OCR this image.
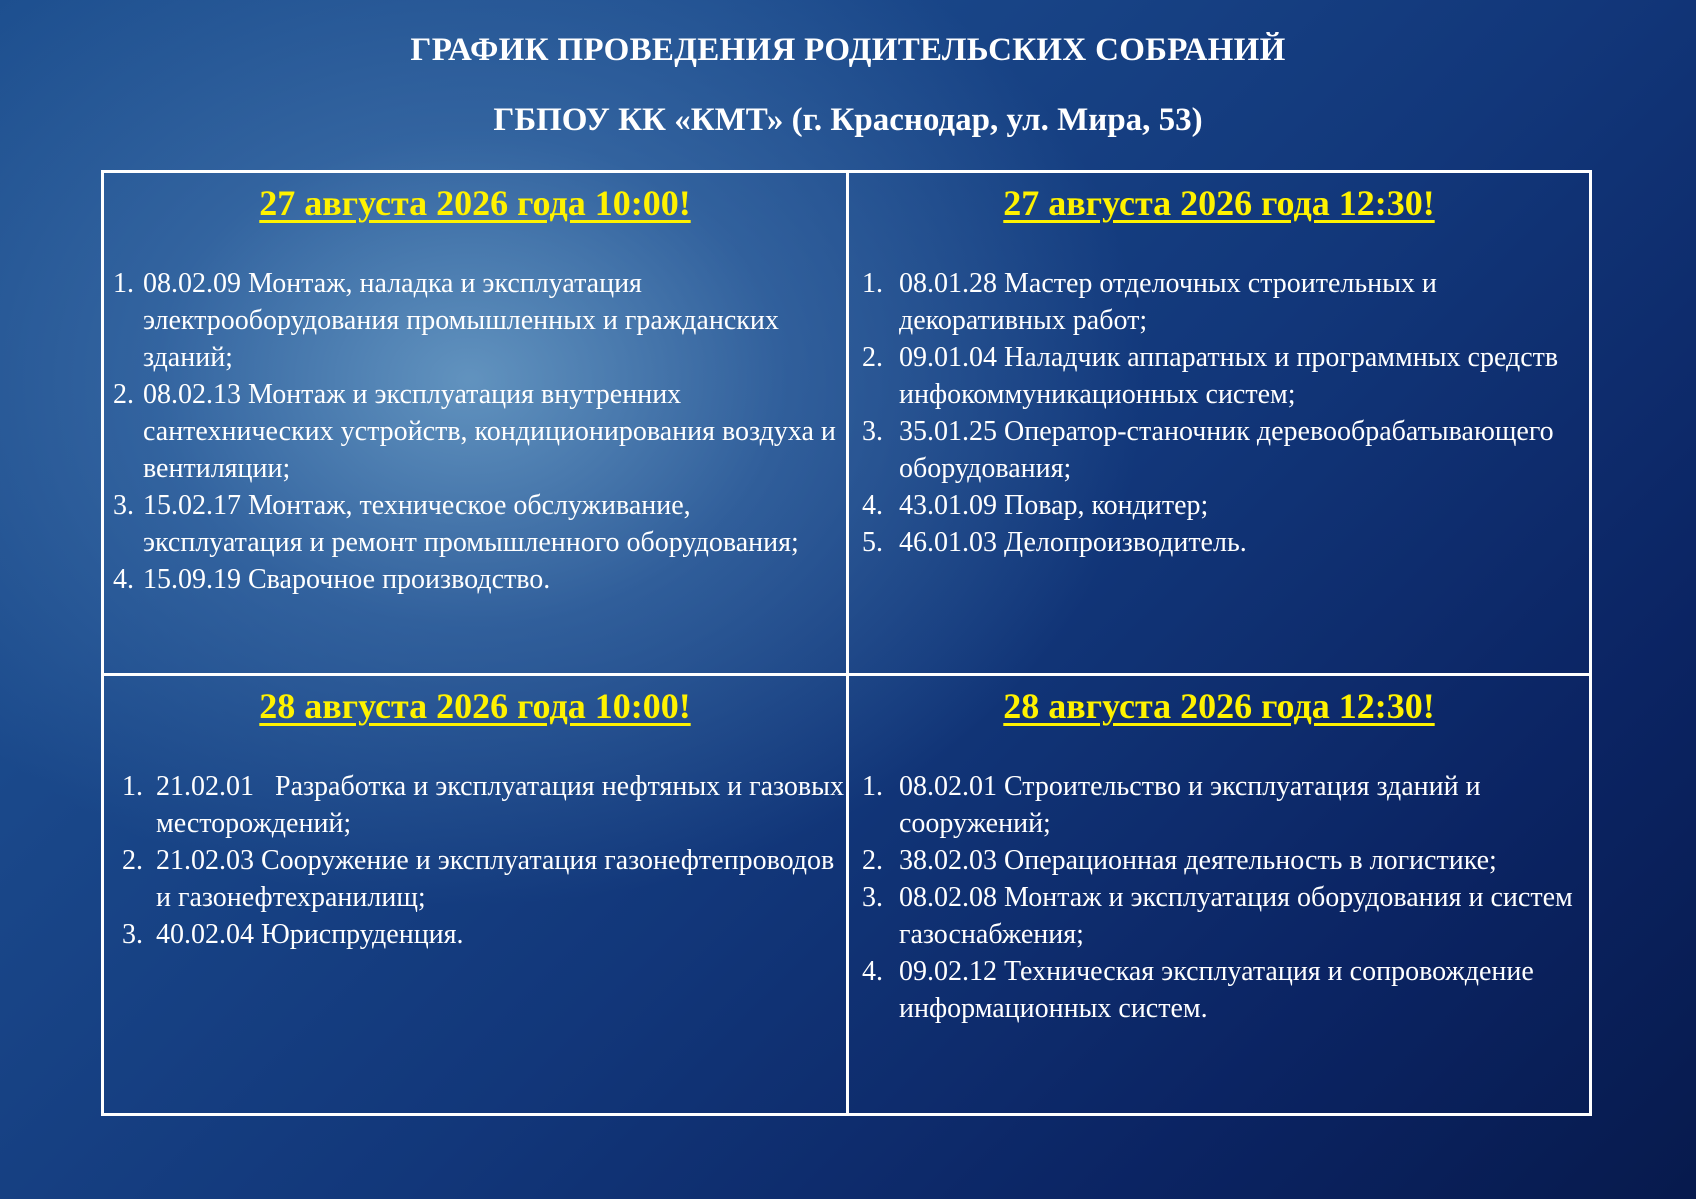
ГРАФИК ПРОВЕДЕНИЯ РОДИТЕЛЬСКИХ СОБРАНИЙ
ГБПОУ КК «КМТ» (г. Краснодар, ул. Мира, 53)
27 августа 2026 года 10:00!
1. 08.02.09 Монтаж, наладка и эксплуатация электрооборудования промышленных и гражданских зданий;
2. 08.02.13 Монтаж и эксплуатация внутренних сантехнических устройств, кондиционирования воздуха и вентиляции;
3. 15.02.17 Монтаж, техническое обслуживание, эксплуатация и ремонт промышленного оборудования;
4. 15.09.19 Сварочное производство.
27 августа 2026 года 12:30!
1. 08.01.28 Мастер отделочных строительных и декоративных работ;
2. 09.01.04 Наладчик аппаратных и программных средств инфокоммуникационных систем;
3. 35.01.25 Оператор-станочник деревообрабатывающего оборудования;
4. 43.01.09 Повар, кондитер;
5. 46.01.03 Делопроизводитель.
28 августа 2026 года 10:00!
1. 21.02.01   Разработка и эксплуатация нефтяных и газовых месторождений;
2. 21.02.03 Сооружение и эксплуатация газонефтепроводов и газонефтехранилищ;
3. 40.02.04 Юриспруденция.
28 августа 2026 года 12:30!
1. 08.02.01 Строительство и эксплуатация зданий и сооружений;
2. 38.02.03 Операционная деятельность в логистике;
3. 08.02.08 Монтаж и эксплуатация оборудования и систем газоснабжения;
4. 09.02.12 Техническая эксплуатация и сопровождение информационных систем.
